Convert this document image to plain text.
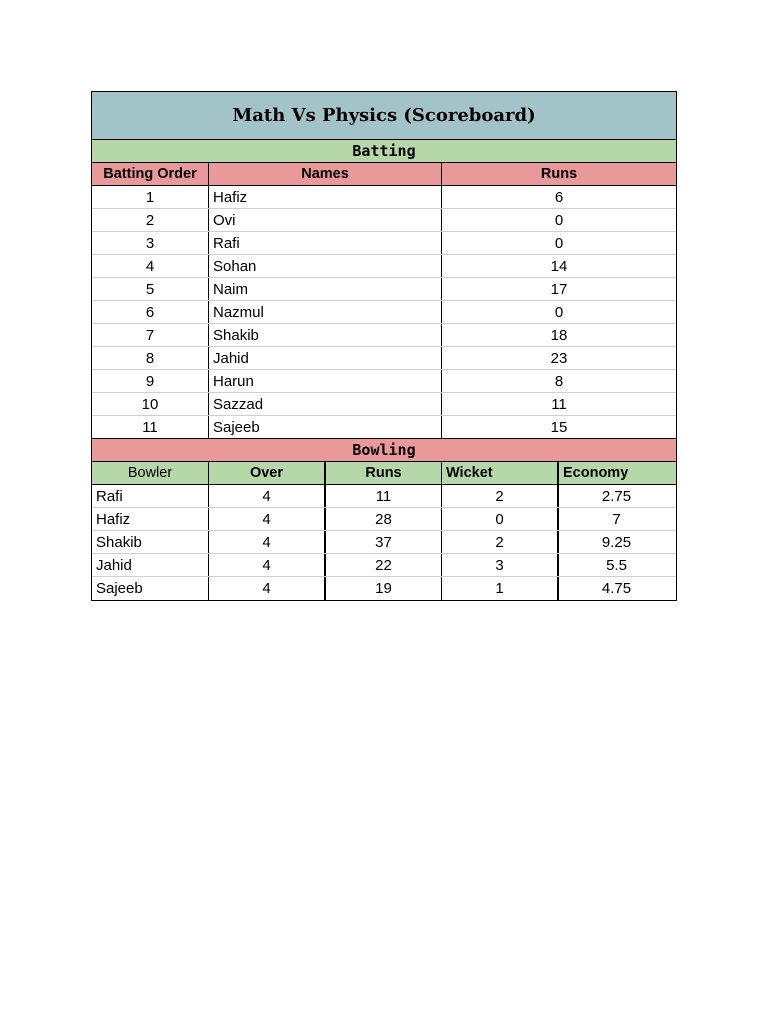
Math Vs Physics (Scoreboard)
Batting
Batting Order	Names	Runs
1	Hafiz	6
2	Ovi	0
3	Rafi	0
4	Sohan	14
5	Naim	17
6	Nazmul	0
7	Shakib	18
8	Jahid	23
9	Harun	8
10	Sazzad	11
11	Sajeeb	15
Bowling
Bowler	Over	Runs	Wicket	Economy
Rafi	4	11	2	2.75
Hafiz	4	28	0	7
Shakib	4	37	2	9.25
Jahid	4	22	3	5.5
Sajeeb	4	19	1	4.75
